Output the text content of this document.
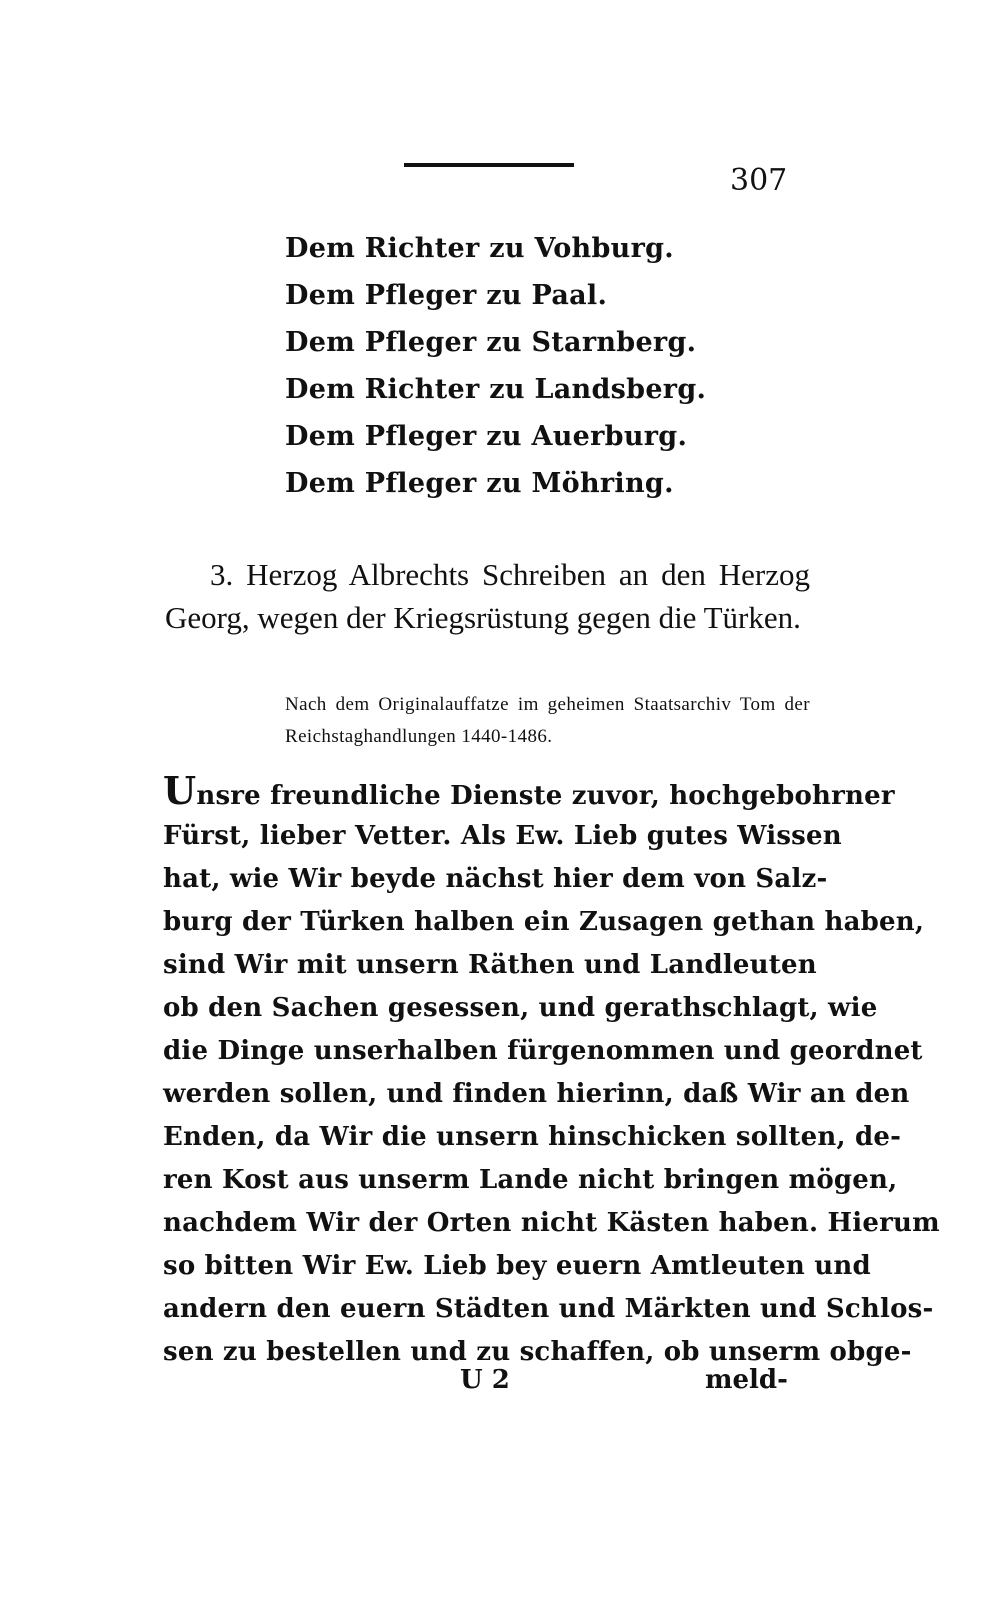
307
Dem Richter zu Vohburg.
Dem Pfleger zu Paal.
Dem Pfleger zu Starnberg.
Dem Richter zu Landsberg.
Dem Pfleger zu Auerburg.
Dem Pfleger zu Möhring.
3. Herzog Albrechts Schreiben an den Herzog Georg, wegen der Kriegsrüstung gegen die Türken.
Nach dem Originalauffatze im geheimen Staatsarchiv Tom der Reichstaghandlungen 1440-1486.
Unsre freundliche Dienste zuvor, hochgebohrner
Fürst, lieber Vetter. Als Ew. Lieb gutes Wissen
hat, wie Wir beyde nächst hier dem von Salz-
burg der Türken halben ein Zusagen gethan haben,
sind Wir mit unsern Räthen und Landleuten
ob den Sachen gesessen, und gerathschlagt, wie
die Dinge unserhalben fürgenommen und geordnet
werden sollen, und finden hierinn, daß Wir an den
Enden, da Wir die unsern hinschicken sollten, de-
ren Kost aus unserm Lande nicht bringen mögen,
nachdem Wir der Orten nicht Kästen haben. Hierum
so bitten Wir Ew. Lieb bey euern Amtleuten und
andern den euern Städten und Märkten und Schlos-
sen zu bestellen und zu schaffen, ob unserm obge-
U 2	meld-
